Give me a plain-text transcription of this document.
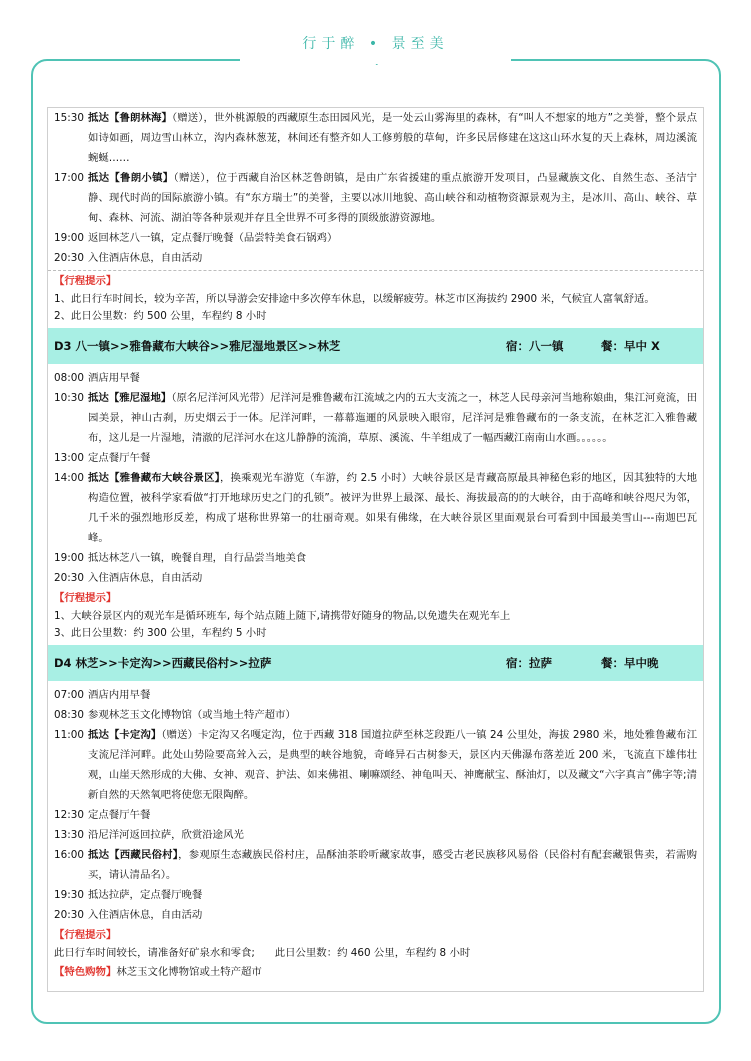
行于醉 • 景至美
15:30 抵达【鲁朗林海】（赠送），世外桃源般的西藏原生态田园风光，是一处云山雾海里的森林，有“叫人不想家的地方”之美誉，整个景点如诗如画，周边雪山林立，沟内森林葱茏，林间还有整齐如人工修剪般的草甸，许多民居修建在这这山环水复的天上森林，周边溪流蜿蜒……
17:00 抵达【鲁朗小镇】（赠送），位于西藏自治区林芝鲁朗镇，是由广东省援建的重点旅游开发项目，凸显藏族文化、自然生态、圣洁宁静、现代时尚的国际旅游小镇。有“东方瑞士”的美誉，主要以冰川地貌、高山峡谷和动植物资源景观为主，是冰川、高山、峡谷、草甸、森林、河流、湖泊等各种景观并存且全世界不可多得的顶级旅游资源地。
19:00 返回林芝八一镇，定点餐厅晚餐（品尝特美食石锅鸡）
20:30 入住酒店休息，自由活动
【行程提示】
1、此日行车时间长，较为辛苦，所以导游会安排途中多次停车休息，以缓解疲劳。林芝市区海拔约 2900 米，气候宜人富氧舒适。
2、此日公里数：约 500 公里，车程约 8 小时
D3 八一镇>>雅鲁藏布大峡谷>>雅尼湿地景区>>林芝	宿：八一镇	餐：早中 X
08:00 酒店用早餐
10:30 抵达【雅尼湿地】（原名尼洋河风光带）尼洋河是雅鲁藏布江流域之内的五大支流之一，林芝人民母亲河当地称娘曲，集江河竟流，田园美景，神山古刹，历史烟云于一体。尼洋河畔，一幕幕迤逦的风景映入眼帘，尼洋河是雅鲁藏布的一条支流，在林芝汇入雅鲁藏布，这儿是一片湿地，清澈的尼洋河水在这儿静静的流淌，草原、溪流、牛羊组成了一幅西藏江南南山水画。。。。。。
13:00 定点餐厅午餐
14:00 抵达【雅鲁藏布大峡谷景区】，换乘观光车游览（车游，约 2.5 小时）大峡谷景区是青藏高原最具神秘色彩的地区，因其独特的大地构造位置，被科学家看做“打开地球历史之门的孔锁”。被评为世界上最深、最长、海拔最高的的大峡谷，由于高峰和峡谷咫尺为邻，几千米的强烈地形反差，构成了堪称世界第一的壮丽奇观。如果有佛缘，在大峡谷景区里面观景台可看到中国最美雪山---南迦巴瓦峰。
19:00 抵达林芝八一镇，晚餐自理，自行品尝当地美食
20:30 入住酒店休息，自由活动
【行程提示】
1、大峡谷景区内的观光车是循环班车, 每个站点随上随下,请携带好随身的物品,以免遗失在观光车上
3、此日公里数：约 300 公里，车程约 5 小时
D4 林芝>>卡定沟>>西藏民俗村>>拉萨	宿：拉萨	餐：早中晚
07:00 酒店内用早餐
08:30 参观林芝玉文化博物馆（或当地土特产超市）
11:00 抵达【卡定沟】（赠送）卡定沟又名嘎定沟，位于西藏 318 国道拉萨至林芝段距八一镇 24 公里处，海拔 2980 米，地处雅鲁藏布江支流尼洋河畔。此处山势险要高耸入云，是典型的峡谷地貌，奇峰异石古树参天，景区内天佛瀑布落差近 200 米，飞流直下雄伟壮观，山崖天然形成的大佛、女神、观音、护法、如来佛祖、喇嘛颂经、神龟叫天、神鹰献宝、酥油灯，以及藏文“六字真言”佛字等;清新自然的天然氧吧将使您无限陶醉。
12:30 定点餐厅午餐
13:30 沿尼洋河返回拉萨，欣赏沿途风光
16:00 抵达【西藏民俗村】，参观原生态藏族民俗村庄，品酥油茶聆听藏家故事，感受古老民族移风易俗（民俗村有配套藏银售卖，若需购买，请认清品名）。
19:30 抵达拉萨，定点餐厅晚餐
20:30 入住酒店休息，自由活动
【行程提示】
此日行车时间较长，请准备好矿泉水和零食;      此日公里数：约 460 公里，车程约 8 小时
【特色购物】林芝玉文化博物馆或土特产超市
